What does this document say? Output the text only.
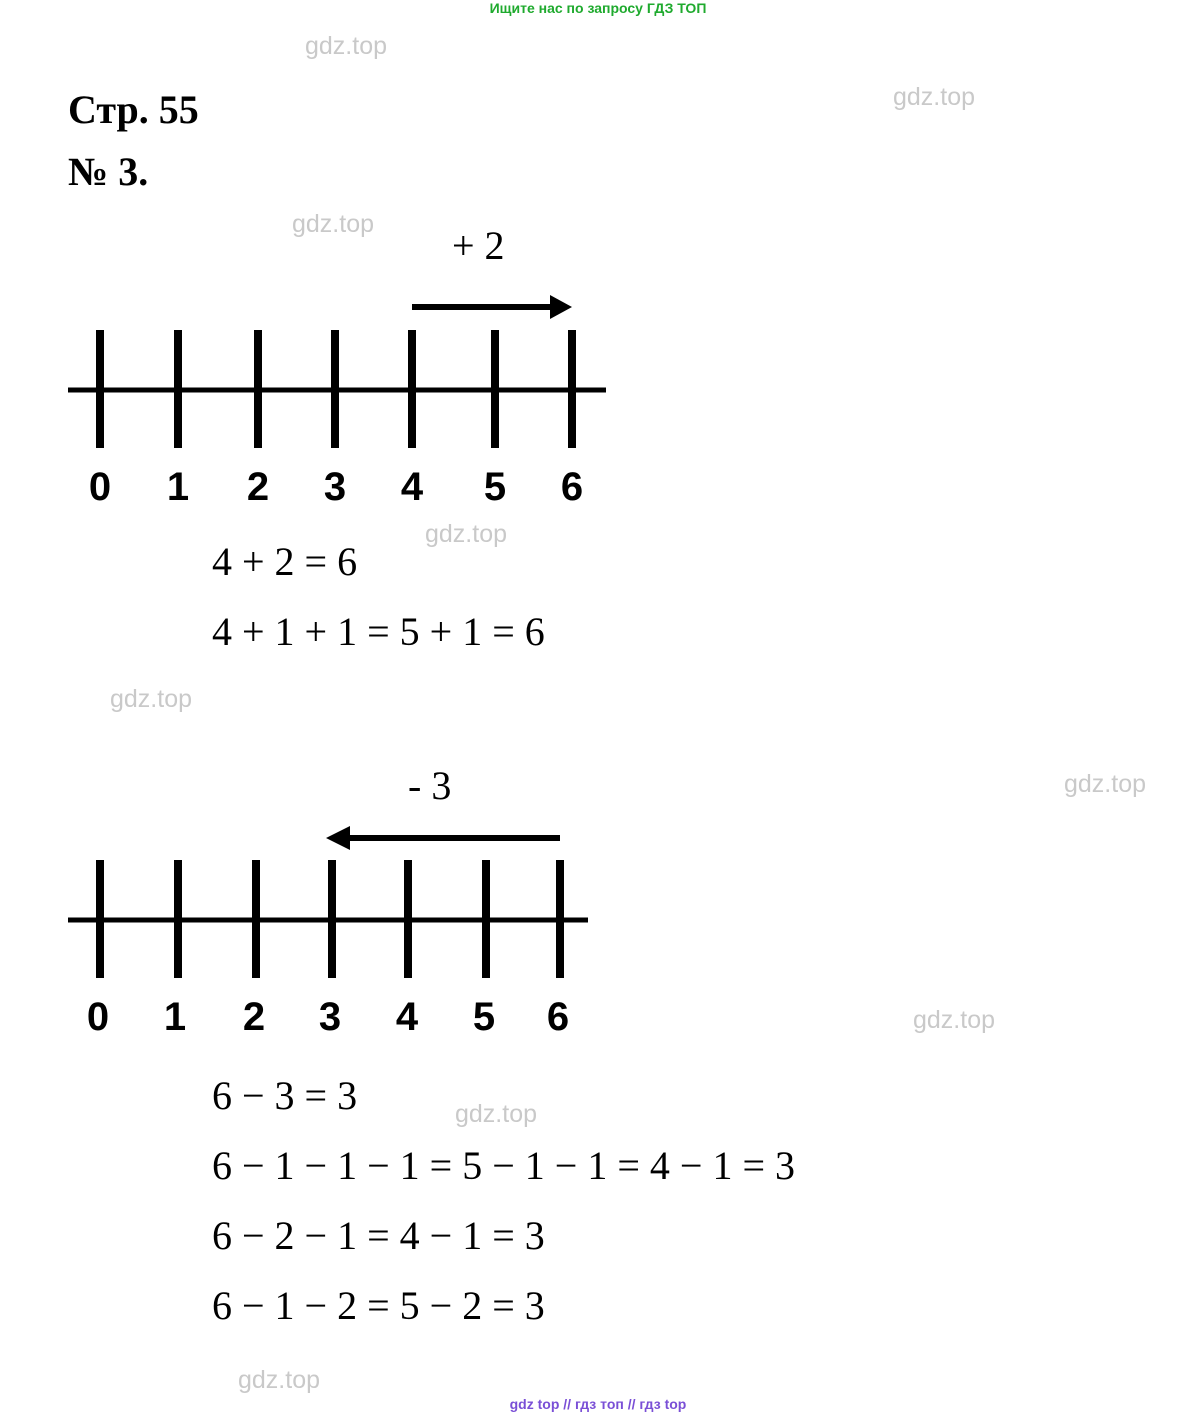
Ищите нас по запросу ГДЗ ТОП
gdz.top
gdz.top
gdz.top
gdz.top
gdz.top
gdz.top
gdz.top
gdz.top
gdz.top
Стр. 55
№ 3.
+ 2
0 1 2 3 4 5 6
4 + 2 = 6
4 + 1 + 1 = 5 + 1 = 6
- 3
0 1 2 3 4 5 6
6 − 3 = 3
6 − 1 − 1 − 1 = 5 − 1 − 1 = 4 − 1 = 3
6 − 2 − 1 = 4 − 1 = 3
6 − 1 − 2 = 5 − 2 = 3
gdz top // гдз топ // гдз top
